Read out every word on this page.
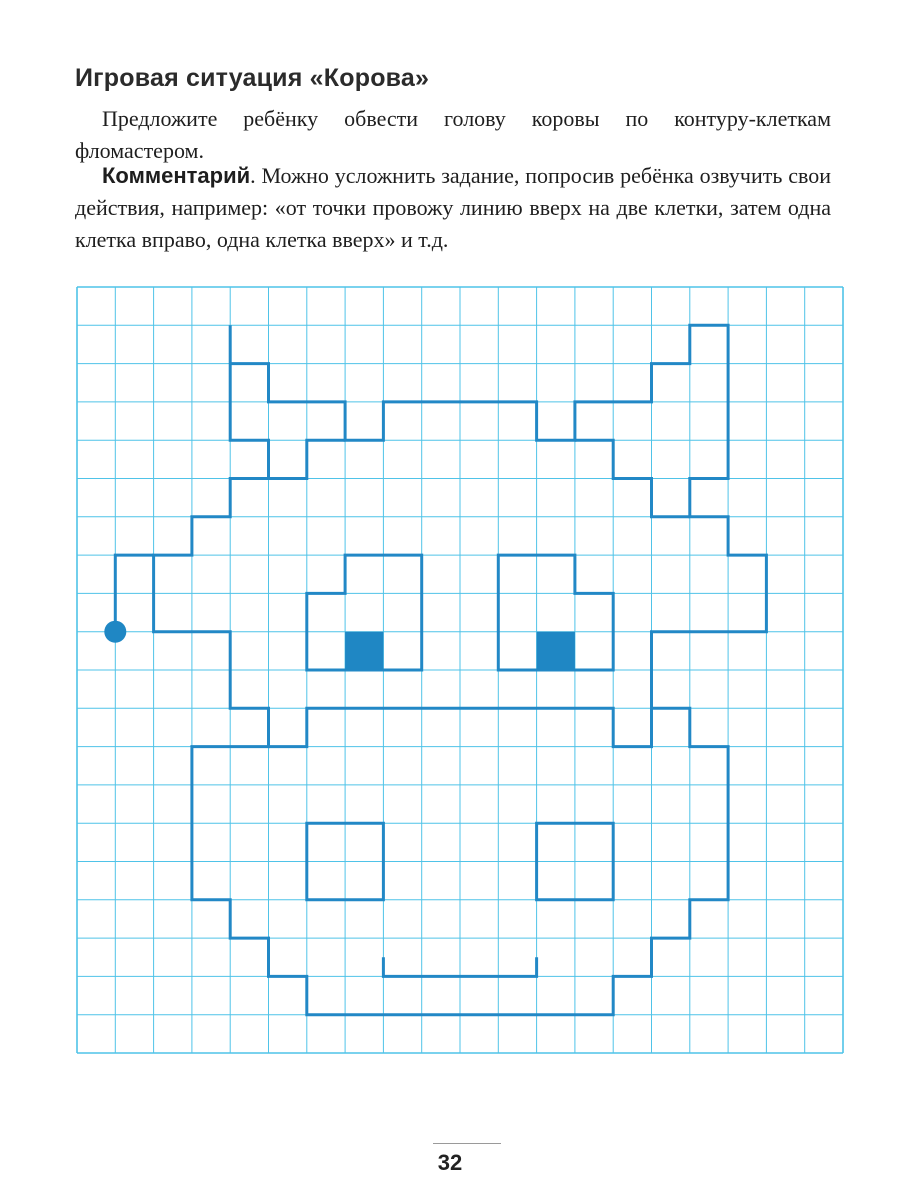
Игровая ситуация «Корова»

Предложите ребёнку обвести голову коровы по контуру-клеткам фломастером.

Комментарий. Можно усложнить задание, попросив ребёнка озвучить свои действия, например: «от точки провожу линию вверх на две клетки, затем одна клетка вправо, одна клетка вверх» и т.д.

32
